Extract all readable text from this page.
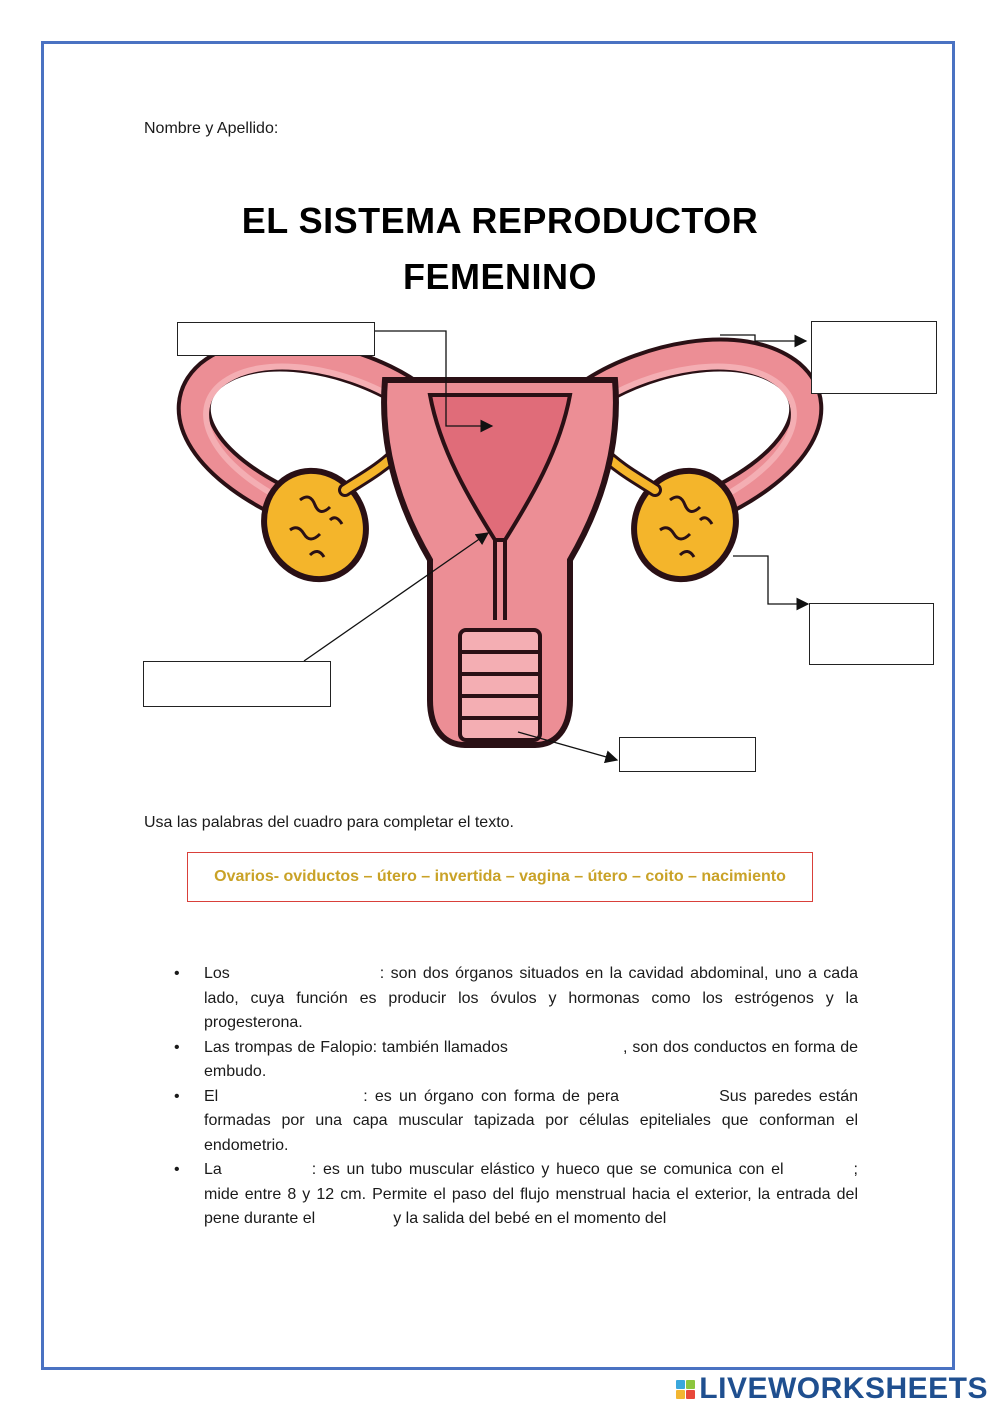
Nombre y Apellido:
EL SISTEMA REPRODUCTOR
FEMENINO
Usa las palabras del cuadro para completar el texto.
Ovarios- oviductos – útero – invertida – vagina – útero – coito – nacimiento
• Los	: son dos órganos situados en la cavidad abdominal, uno a cada lado, cuya función es producir los óvulos y hormonas como los estrógenos y la progesterona.
• Las trompas de Falopio: también llamados	, son dos conductos en forma de embudo.
• El	: es un órgano con forma de pera	Sus paredes están formadas por una capa muscular tapizada por células epiteliales que conforman el endometrio.
• La	: es un tubo muscular elástico y hueco que se comunica con el	; mide entre 8 y 12 cm. Permite el paso del flujo menstrual hacia el exterior, la entrada del pene durante el	y la salida del bebé en el momento del
LIVEWORKSHEETS
